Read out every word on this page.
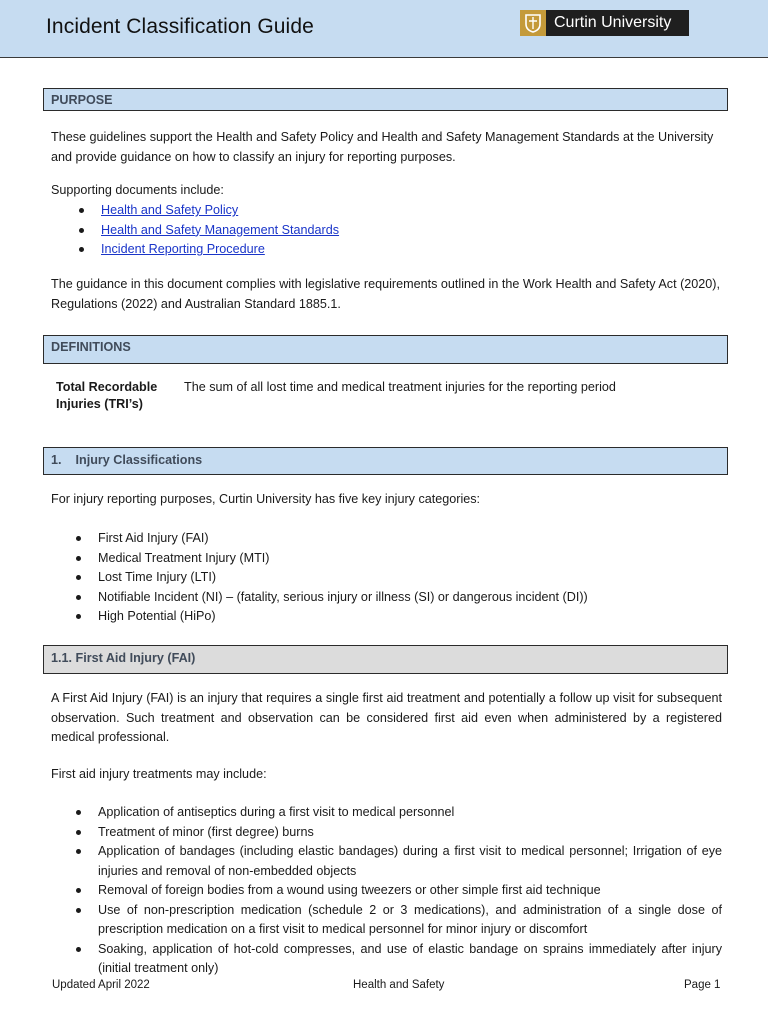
Incident Classification Guide	Curtin University
PURPOSE

These guidelines support the Health and Safety Policy and Health and Safety Management Standards at the University and provide guidance on how to classify an injury for reporting purposes.

Supporting documents include:

Health and Safety Policy
Health and Safety Management Standards
Incident Reporting Procedure

The guidance in this document complies with legislative requirements outlined in the Work Health and Safety Act (2020), Regulations (2022) and Australian Standard 1885.1.

DEFINITIONS
Total Recordable Injuries (TRI’s)
The sum of all lost time and medical treatment injuries for the reporting period
1.    Injury Classifications

For injury reporting purposes, Curtin University has five key injury categories:

First Aid Injury (FAI)
Medical Treatment Injury (MTI)
Lost Time Injury (LTI)
Notifiable Incident (NI) – (fatality, serious injury or illness (SI) or dangerous incident (DI))
High Potential (HiPo)
1.1. First Aid Injury (FAI)

A First Aid Injury (FAI) is an injury that requires a single first aid treatment and potentially a follow up visit for subsequent observation. Such treatment and observation can be considered first aid even when administered by a registered medical professional.

First aid injury treatments may include:

Application of antiseptics during a first visit to medical personnel
Treatment of minor (first degree) burns
Application of bandages (including elastic bandages) during a first visit to medical personnel; Irrigation of eye injuries and removal of non-embedded objects
Removal of foreign bodies from a wound using tweezers or other simple first aid technique
Use of non-prescription medication (schedule 2 or 3 medications), and administration of a single dose of prescription medication on a first visit to medical personnel for minor injury or discomfort
Soaking, application of hot-cold compresses, and use of elastic bandage on sprains immediately after injury (initial treatment only)
Updated April 2022	Health and Safety	Page 1
